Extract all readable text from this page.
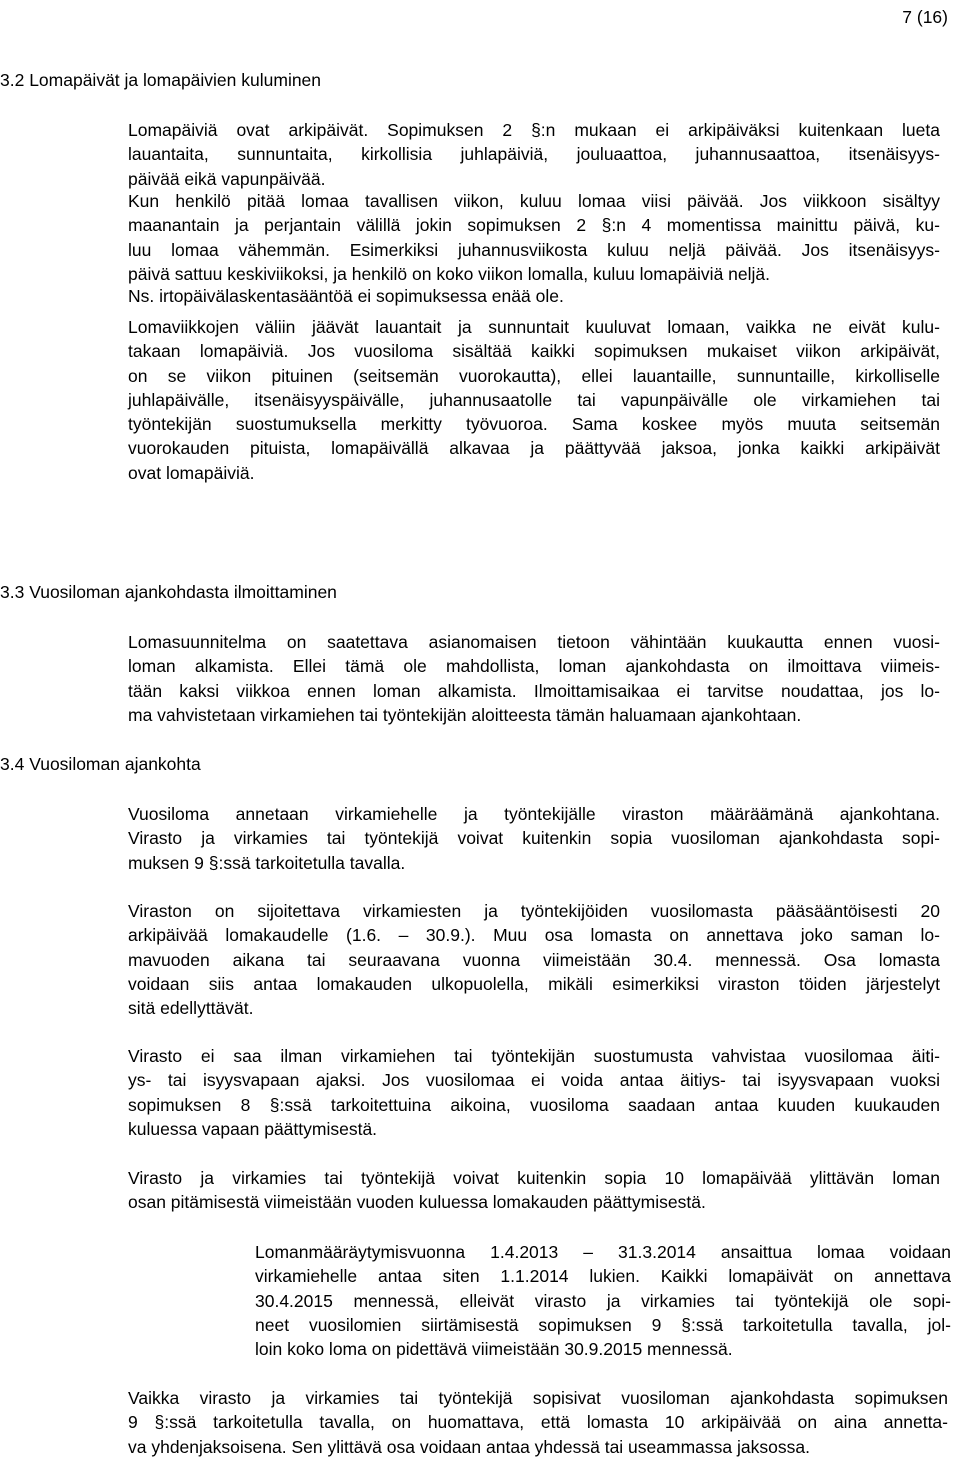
7 (16)
3.2 Lomapäivät ja lomapäivien kuluminen
Lomapäiviä ovat arkipäivät. Sopimuksen 2 §:n mukaan ei arkipäiväksi kuitenkaan lueta
lauantaita, sunnuntaita, kirkollisia juhlapäiviä, jouluaattoa, juhannusaattoa, itsenäisyys-
päivää eikä vapunpäivää.
Kun henkilö pitää lomaa tavallisen viikon, kuluu lomaa viisi päivää. Jos viikkoon sisältyy
maanantain ja perjantain välillä jokin sopimuksen 2 §:n 4 momentissa mainittu päivä, ku-
luu lomaa vähemmän. Esimerkiksi juhannusviikosta kuluu neljä päivää. Jos itsenäisyys-
päivä sattuu keskiviikoksi, ja henkilö on koko viikon lomalla, kuluu lomapäiviä neljä.
Ns. irtopäivälaskentasääntöä ei sopimuksessa enää ole.
Lomaviikkojen väliin jäävät lauantait ja sunnuntait kuuluvat lomaan, vaikka ne eivät kulu-
takaan lomapäiviä. Jos vuosiloma sisältää kaikki sopimuksen mukaiset viikon arkipäivät,
on se viikon pituinen (seitsemän vuorokautta), ellei lauantaille, sunnuntaille, kirkolliselle
juhlapäivälle, itsenäisyyspäivälle, juhannusaatolle tai vapunpäivälle ole virkamiehen tai
työntekijän suostumuksella merkitty työvuoroa. Sama koskee myös muuta seitsemän
vuorokauden pituista, lomapäivällä alkavaa ja päättyvää jaksoa, jonka kaikki arkipäivät
ovat lomapäiviä.
3.3 Vuosiloman ajankohdasta ilmoittaminen
Lomasuunnitelma on saatettava asianomaisen tietoon vähintään kuukautta ennen vuosi-
loman alkamista. Ellei tämä ole mahdollista, loman ajankohdasta on ilmoittava viimeis-
tään kaksi viikkoa ennen loman alkamista. Ilmoittamisaikaa ei tarvitse noudattaa, jos lo-
ma vahvistetaan virkamiehen tai työntekijän aloitteesta tämän haluamaan ajankohtaan.
3.4 Vuosiloman ajankohta
Vuosiloma annetaan virkamiehelle ja työntekijälle viraston määräämänä ajankohtana.
Virasto ja virkamies tai työntekijä voivat kuitenkin sopia vuosiloman ajankohdasta sopi-
muksen 9 §:ssä tarkoitetulla tavalla.
Viraston on sijoitettava virkamiesten ja työntekijöiden vuosilomasta pääsääntöisesti 20
arkipäivää lomakaudelle (1.6. – 30.9.). Muu osa lomasta on annettava joko saman lo-
mavuoden aikana tai seuraavana vuonna viimeistään 30.4. mennessä. Osa lomasta
voidaan siis antaa lomakauden ulkopuolella, mikäli esimerkiksi viraston töiden järjestelyt
sitä edellyttävät.
Virasto ei saa ilman virkamiehen tai työntekijän suostumusta vahvistaa vuosilomaa äiti-
ys- tai isyysvapaan ajaksi. Jos vuosilomaa ei voida antaa äitiys- tai isyysvapaan vuoksi
sopimuksen 8 §:ssä tarkoitettuina aikoina, vuosiloma saadaan antaa kuuden kuukauden
kuluessa vapaan päättymisestä.
Virasto ja virkamies tai työntekijä voivat kuitenkin sopia 10 lomapäivää ylittävän loman
osan pitämisestä viimeistään vuoden kuluessa lomakauden päättymisestä.
Lomanmääräytymisvuonna 1.4.2013 – 31.3.2014 ansaittua lomaa voidaan
virkamiehelle antaa siten 1.1.2014 lukien. Kaikki lomapäivät on annettava
30.4.2015 mennessä, elleivät virasto ja virkamies tai työntekijä ole sopi-
neet vuosilomien siirtämisestä sopimuksen 9 §:ssä tarkoitetulla tavalla, jol-
loin koko loma on pidettävä viimeistään 30.9.2015 mennessä.
Vaikka virasto ja virkamies tai työntekijä sopisivat vuosiloman ajankohdasta sopimuksen
9 §:ssä tarkoitetulla tavalla, on huomattava, että lomasta 10 arkipäivää on aina annetta-
va yhdenjaksoisena. Sen ylittävä osa voidaan antaa yhdessä tai useammassa jaksossa.
